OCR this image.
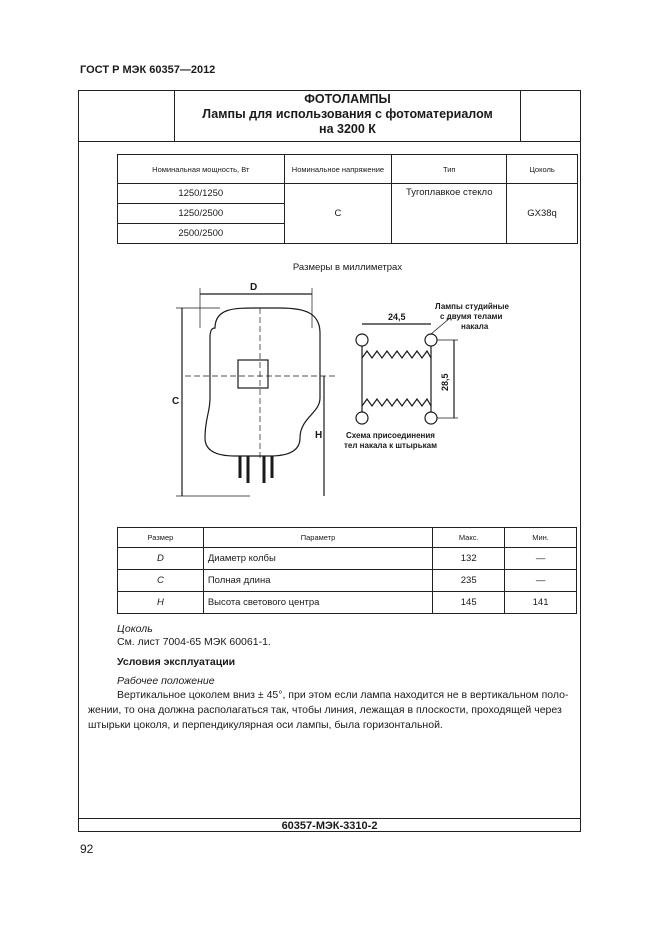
ГОСТ Р МЭК 60357—2012
ФОТОЛАМПЫ
Лампы для использования с фотоматериалом
на 3200 К
Номинальная мощность, Вт	Номинальное напряжение	Тип	Цоколь
1250/1250	С	Тугоплавкое стекло	GX38q
1250/2500			
2500/2500			
Размеры в миллиметрах
D
C
H
24,5
28,5
Лампы студийные
с двумя телами
накала
Схема присоединения
тел накала к штырькам
Размер	Параметр	Макс.	Мин.
D	Диаметр колбы	132	—
C	Полная длина	235	—
H	Высота светового центра	145	141
Цоколь
См. лист 7004-65 МЭК 60061-1.
Условия эксплуатации
Рабочее положение
Вертикальное цоколем вниз ± 45°, при этом если лампа находится не в вертикальном поло-
жении, то она должна располагаться так, чтобы линия, лежащая в плоскости, проходящей через
штырьки цоколя, и перпендикулярная оси лампы, была горизонтальной.
60357-МЭК-3310-2
92
